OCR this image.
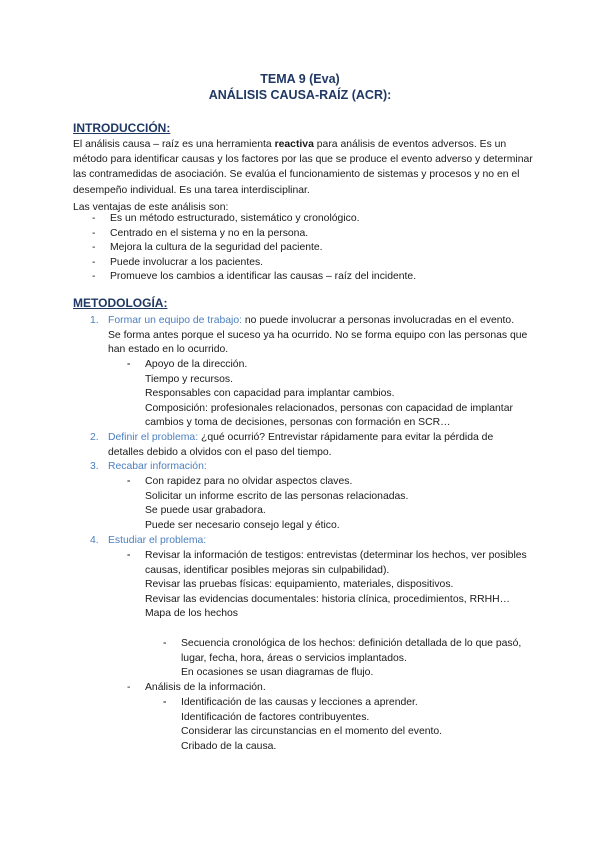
TEMA 9 (Eva)
ANÁLISIS CAUSA-RAÍZ (ACR):
INTRODUCCIÓN:
El análisis causa – raíz es una herramienta reactiva para análisis de eventos adversos. Es un método para identificar causas y los factores por las que se produce el evento adverso y determinar las contramedidas de asociación. Se evalúa el funcionamiento de sistemas y procesos y no en el desempeño individual. Es una tarea interdisciplinar.
Las ventajas de este análisis son:
- Es un método estructurado, sistemático y cronológico.
- Centrado en el sistema y no en la persona.
- Mejora la cultura de la seguridad del paciente.
- Puede involucrar a los pacientes.
- Promueve los cambios a identificar las causas – raíz del incidente.
METODOLOGÍA:
1. Formar un equipo de trabajo: no puede involucrar a personas involucradas en el evento. Se forma antes porque el suceso ya ha ocurrido. No se forma equipo con las personas que han estado en lo ocurrido.
- Apoyo de la dirección.
- Tiempo y recursos.
- Responsables con capacidad para implantar cambios.
- Composición: profesionales relacionados, personas con capacidad de implantar cambios y toma de decisiones, personas con formación en SCR…
2. Definir el problema: ¿qué ocurrió? Entrevistar rápidamente para evitar la pérdida de detalles debido a olvidos con el paso del tiempo.
3. Recabar información:
- Con rapidez para no olvidar aspectos claves.
- Solicitar un informe escrito de las personas relacionadas.
- Se puede usar grabadora.
- Puede ser necesario consejo legal y ético.
4. Estudiar el problema:
- Revisar la información de testigos: entrevistas (determinar los hechos, ver posibles causas, identificar posibles mejoras sin culpabilidad).
- Revisar las pruebas físicas: equipamiento, materiales, dispositivos.
- Revisar las evidencias documentales: historia clínica, procedimientos, RRHH…
- Mapa de los hechos
- Secuencia cronológica de los hechos: definición detallada de lo que pasó, lugar, fecha, hora, áreas o servicios implantados.
- En ocasiones se usan diagramas de flujo.
- Análisis de la información.
- Identificación de las causas y lecciones a aprender.
- Identificación de factores contribuyentes.
- Considerar las circunstancias en el momento del evento.
- Cribado de la causa.
